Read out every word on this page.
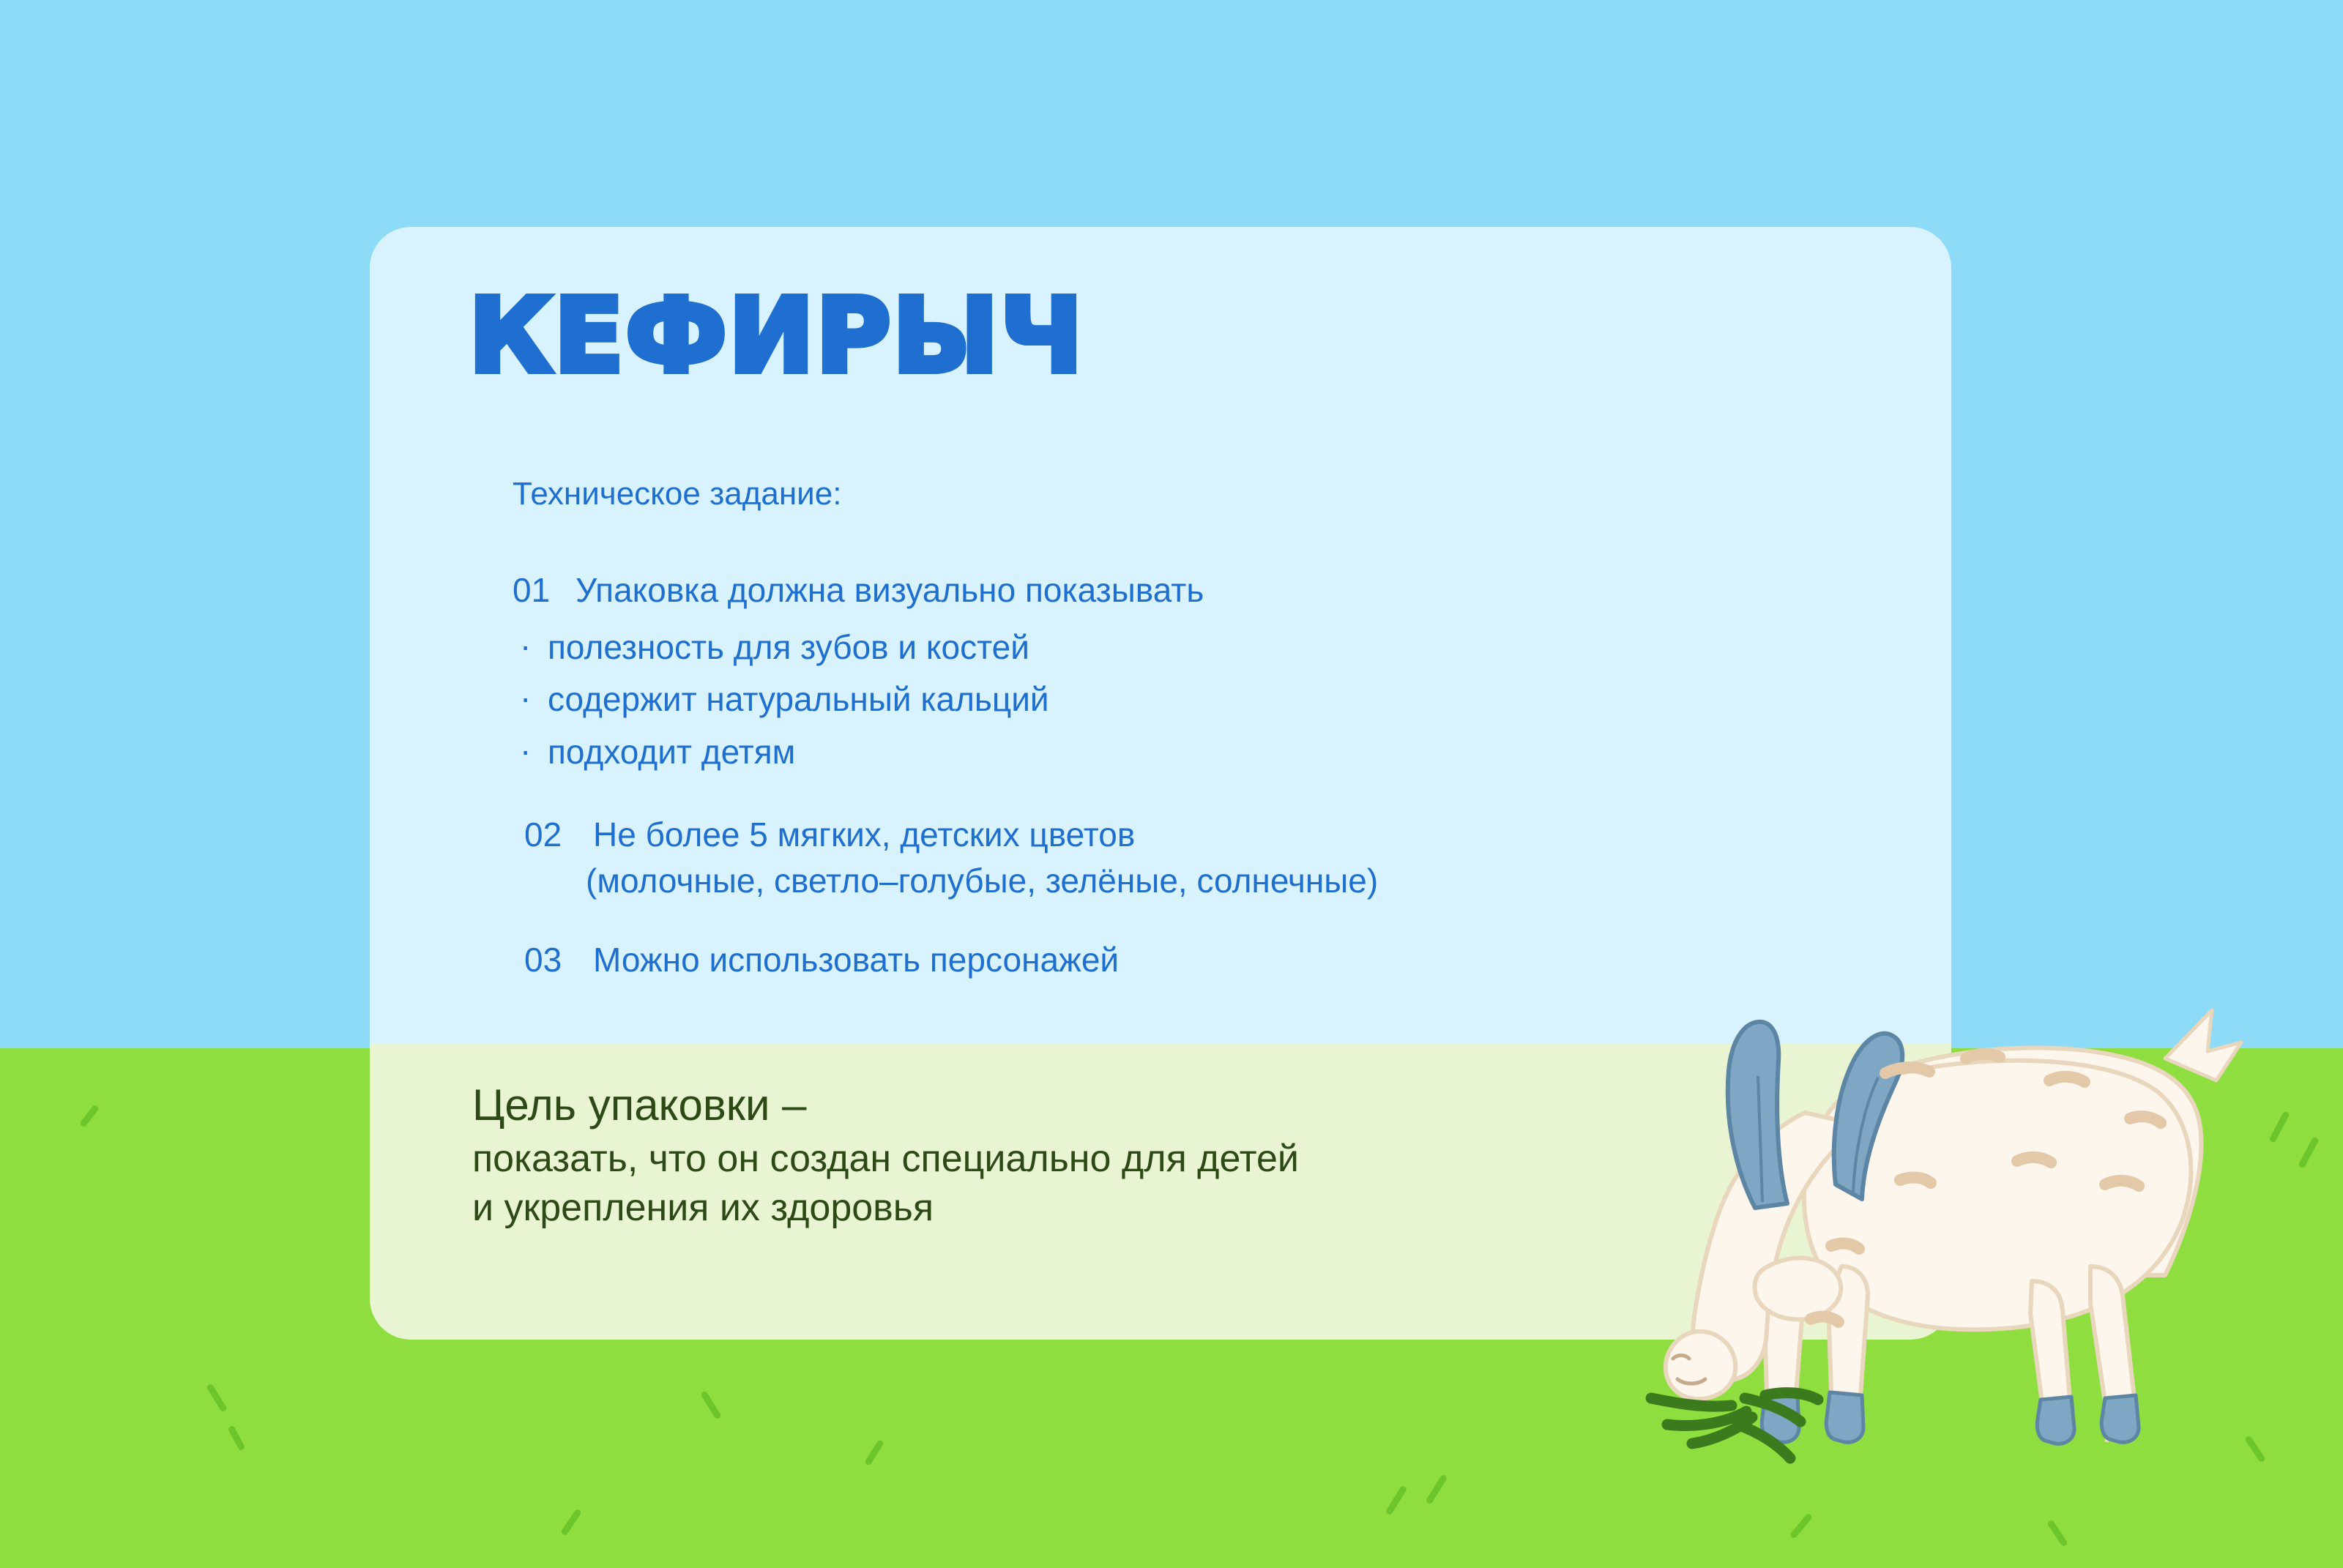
КЕФИРЫЧ
Техническое задание:
01 Упаковка должна визуально показывать
· полезность для зубов и костей
· содержит натуральный кальций
· подходит детям
02 Не более 5 мягких, детских цветов
(молочные, светло–голубые, зелёные, солнечные)
03 Можно использовать персонажей
Цель упаковки –
показать, что он создан специально для детей
и укрепления их здоровья
